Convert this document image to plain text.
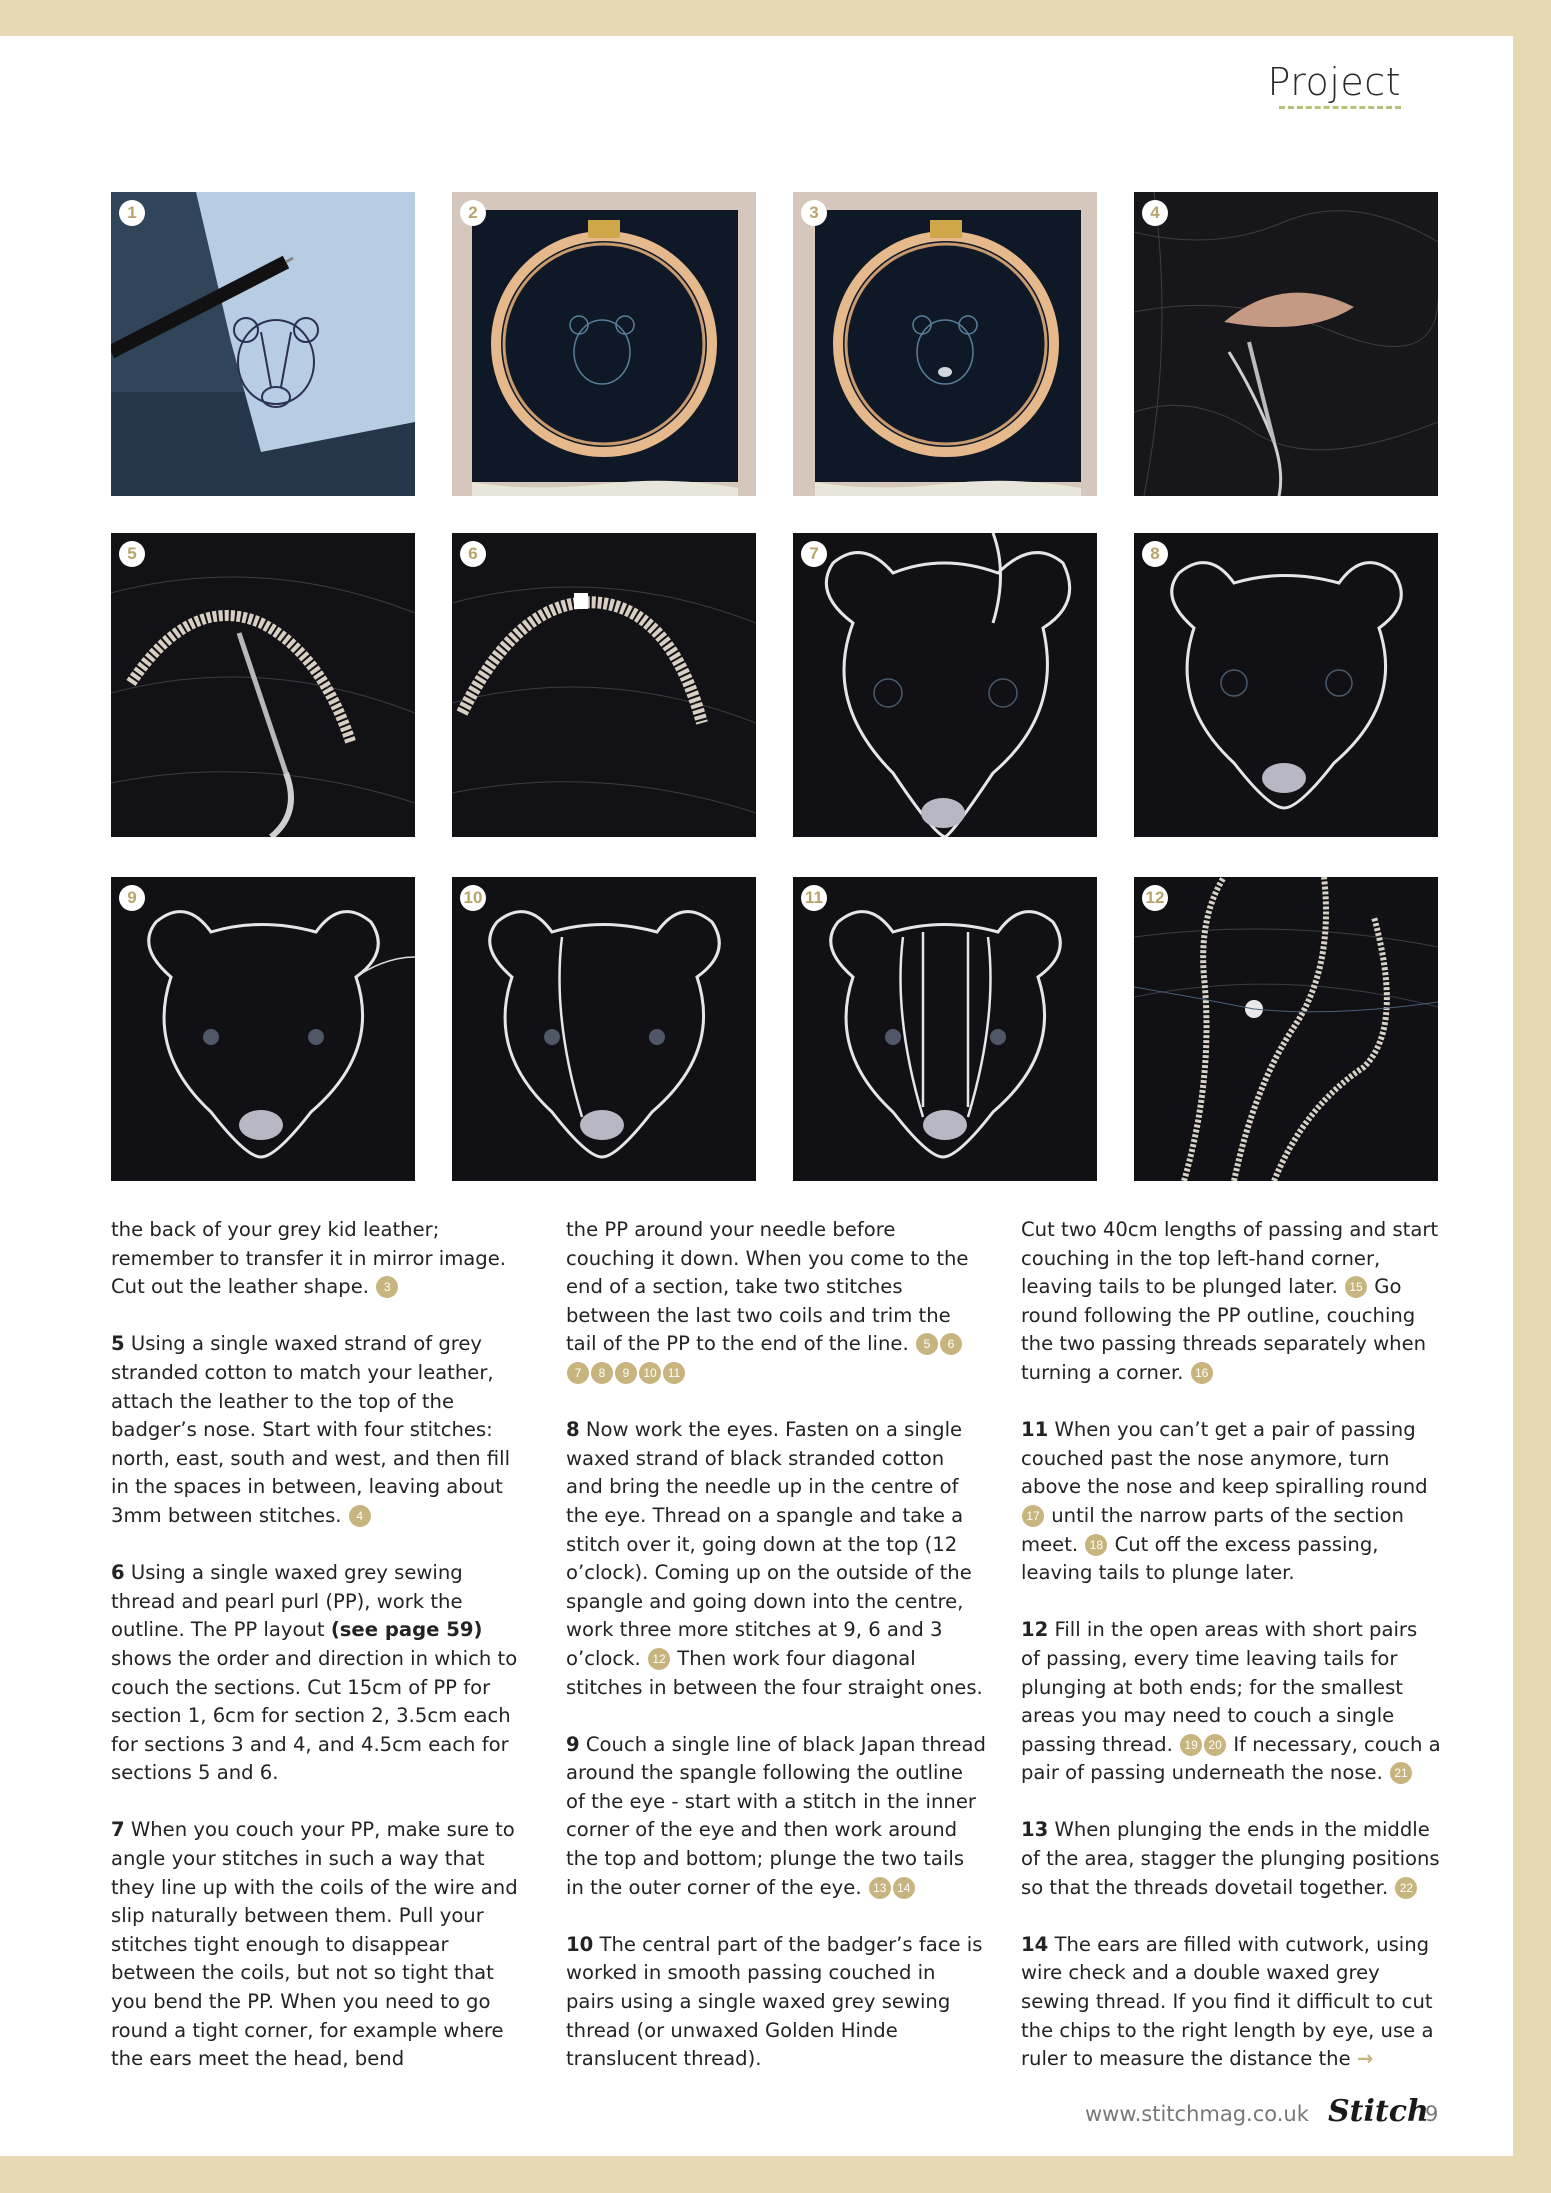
Project
1	2	3	4
5	6	7	8
9	10	11	12

the back of your grey kid leather; remember to transfer it in mirror image. Cut out the leather shape. 3

5 Using a single waxed strand of grey stranded cotton to match your leather, attach the leather to the top of the badger’s nose. Start with four stitches: north, east, south and west, and then fill in the spaces in between, leaving about 3mm between stitches. 4

6 Using a single waxed grey sewing thread and pearl purl (PP), work the outline. The PP layout (see page 59) shows the order and direction in which to couch the sections. Cut 15cm of PP for section 1, 6cm for section 2, 3.5cm each for sections 3 and 4, and 4.5cm each for sections 5 and 6.

7 When you couch your PP, make sure to angle your stitches in such a way that they line up with the coils of the wire and slip naturally between them. Pull your stitches tight enough to disappear between the coils, but not so tight that you bend the PP. When you need to go round a tight corner, for example where the ears meet the head, bend

the PP around your needle before couching it down. When you come to the end of a section, take two stitches between the last two coils and trim the tail of the PP to the end of the line. 5 67 8 9 10 11

8 Now work the eyes. Fasten on a single waxed strand of black stranded cotton and bring the needle up in the centre of the eye. Thread on a spangle and take a stitch over it, going down at the top (12 o’clock). Coming up on the outside of the spangle and going down into the centre, work three more stitches at 9, 6 and 3 o’clock. 12 Then work four diagonal stitches in between the four straight ones.

9 Couch a single line of black Japan thread around the spangle following the outline of the eye - start with a stitch in the inner corner of the eye and then work around the top and bottom; plunge the two tails in the outer corner of the eye. 13 14

10 The central part of the badger’s face is worked in smooth passing couched in pairs using a single waxed grey sewing thread (or unwaxed Golden Hinde translucent thread).

Cut two 40cm lengths of passing and start couching in the top left-hand corner, leaving tails to be plunged later. 15 Go round following the PP outline, couching the two passing threads separately when turning a corner. 16

11 When you can’t get a pair of passing couched past the nose anymore, turn above the nose and keep spiralling round 17 until the narrow parts of the section meet. 18 Cut off the excess passing, leaving tails to plunge later.

12 Fill in the open areas with short pairs of passing, every time leaving tails for plunging at both ends; for the smallest areas you may need to couch a single passing thread. 19 20 If necessary, couch a pair of passing underneath the nose. 21

13 When plunging the ends in the middle of the area, stagger the plunging positions so that the threads dovetail together. 22

14 The ears are filled with cutwork, using wire check and a double waxed grey sewing thread. If you find it difficult to cut the chips to the right length by eye, use a ruler to measure the distance the →

www.stitchmag.co.uk Stitch
9
